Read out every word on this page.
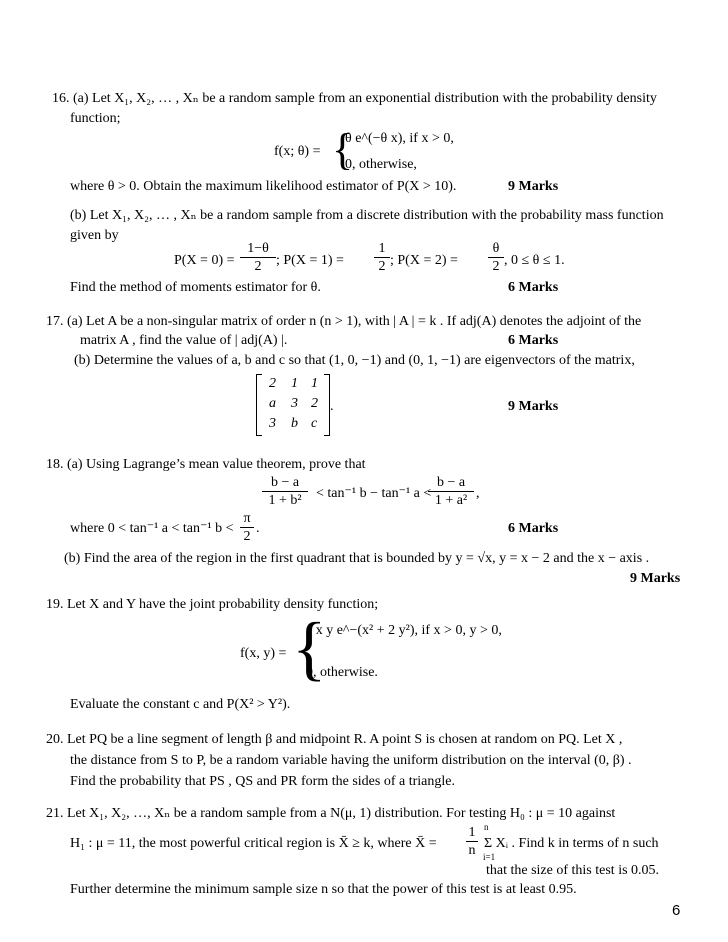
16. (a) Let X₁, X₂, … , Xₙ be a random sample from an exponential distribution with the probability density
function;
f(x; θ) = {
θ e^(−θ x), if x > 0,
0, otherwise,
where θ > 0. Obtain the maximum likelihood estimator of P(X > 10).	9 Marks
(b) Let X₁, X₂, … , Xₙ be a random sample from a discrete distribution with the probability mass function
given by
$P(X = 0) = \frac{1-\theta}{2}$ ; $P(X = 1) = \frac{1}{2}$ ; $P(X = 2) = \frac{\theta}{2}$ , 0 ≤ θ ≤ 1.
Find the method of moments estimator for θ.	6 Marks
17. (a) Let A be a non-singular matrix of order n (n > 1), with | A | = k . If adj(A) denotes the adjoint of the
matrix A , find the value of | adj(A) |.	6 Marks
(b) Determine the values of a, b and c so that (1, 0, −1) and (0, 1, −1) are eigenvectors of the matrix,
2 1 1
a 3 2
3 b c
.	9 Marks
18. (a) Using Lagrange’s mean value theorem, prove that
$\frac{b - a}{\text{1 + b²}} < \tan^{-1}$ b − tan⁻¹ a <
$\frac{b - a}{\text{1 + a²}}$ ,
where 0 < tan⁻¹ a < tan⁻¹ $b < \frac{\pi}{2}$ .	6 Marks
(b) Find the area of the region in the first quadrant that is bounded by y = √x, y = x − 2 and the x − axis .
9 Marks
19. Let X and Y have the joint probability density function;
f(x, y) = {
c x y e^−(x² + 2 y²), if x > 0, y > 0,
0, otherwise.
Evaluate the constant c and P(X² > Y²).
20. Let PQ be a line segment of length β and midpoint R. A point S is chosen at random on PQ. Let X ,
the distance from S to P, be a random variable having the uniform distribution on the interval (0, β) .
Find the probability that PS , QS and PR form the sides of a triangle.
21. Let X₁, X₂, …, Xₙ be a random sample from a N(μ, 1) distribution. For testing H₀ : μ = 10 against
H₁ : μ = 11, the most powerful critical region is X̄ ≥ k, where X̄ = $\frac{1}{n}$ n
i=1
Σ Xᵢ . Find k in terms of n such
that the size of this test is 0.05.
Further determine the minimum sample size n so that the power of this test is at least 0.95.
6
